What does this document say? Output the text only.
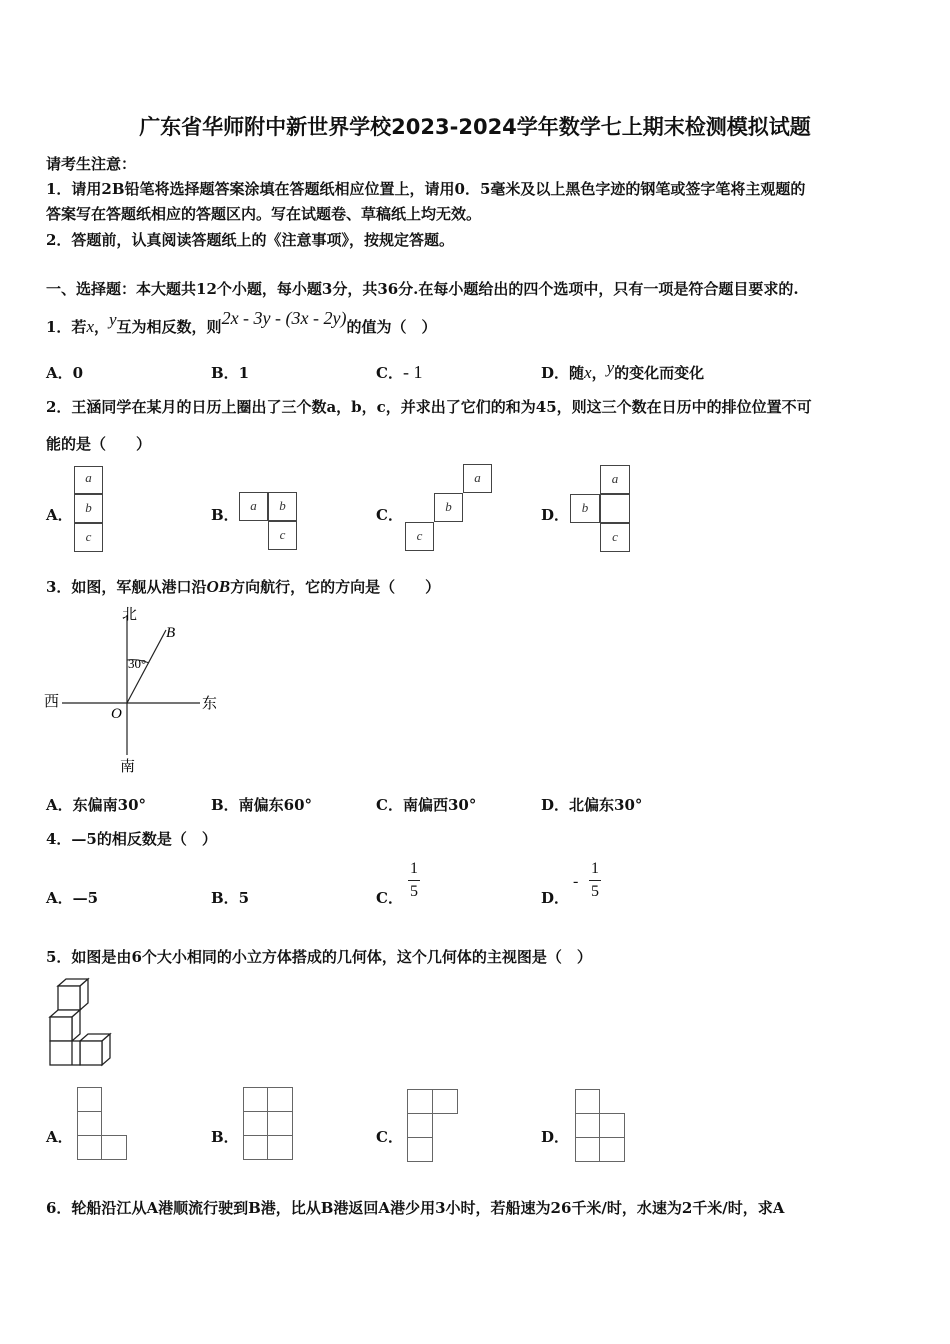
广东省华师附中新世界学校2023-2024学年数学七上期末检测模拟试题
请考生注意：
1．请用2B铅笔将选择题答案涂填在答题纸相应位置上，请用0．5毫米及以上黑色字迹的钢笔或签字笔将主观题的
答案写在答题纸相应的答题区内。写在试题卷、草稿纸上均无效。
2．答题前，认真阅读答题纸上的《注意事项》，按规定答题。
一、选择题：本大题共12个小题，每小题3分，共36分.在每小题给出的四个选项中，只有一项是符合题目要求的.
1．若x，y互为相反数，则2x - 3y - (3x - 2y)的值为（　）
A．0	B．1	C．- 1	D．随x，y的变化而变化
2．王涵同学在某月的日历上圈出了三个数a，b，c，并求出了它们的和为45，则这三个数在日历中的排位位置不可
能的是（　　）
A．
a
b
c
B．
a	b
c
C．
a
b
c
D．
a
b
c
3．如图，军舰从港口沿OB方向航行，它的方向是（　　）
北
南
西	东
B
O
30°
A．东偏南30°	B．南偏东60°	C．南偏西30°	D．北偏东30°
4．—5的相反数是（　）
A．—5	B．5	C．
1
5	D．
-
1
5
5．如图是由6个大小相同的小立方体搭成的几何体，这个几何体的主视图是（　）
A．	B．	C．	D．
6．轮船沿江从A港顺流行驶到B港，比从B港返回A港少用3小时，若船速为26千米/时，水速为2千米/时，求A
